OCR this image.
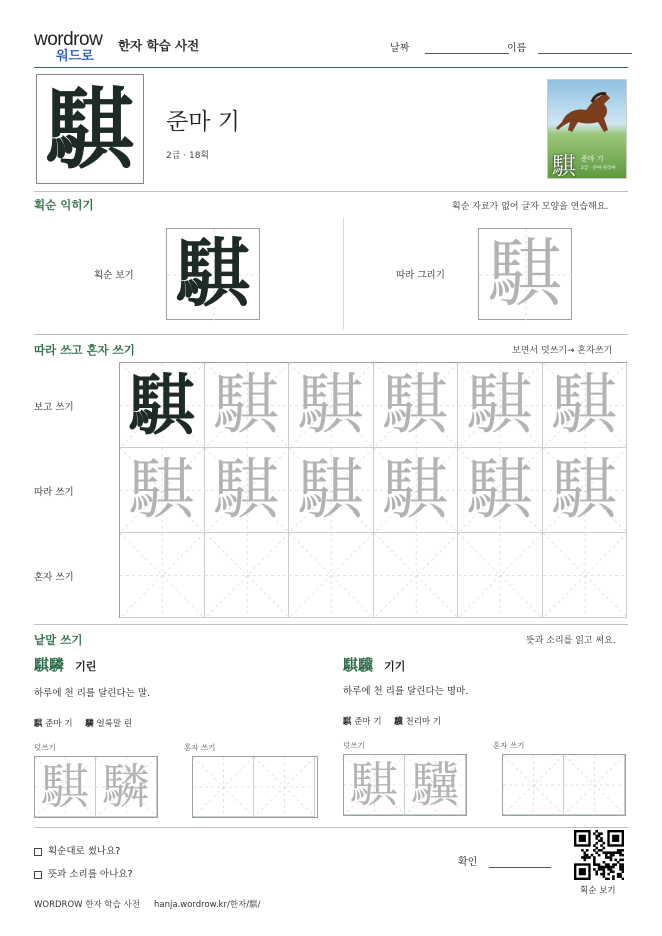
wordrow
워드로
한자 학습 사전	날짜	이름
騏	준마 기
2급 · 18획	騏 준마 기
2급 · 준마·천리마
획순 익히기	획순 자료가 없어 글자 모양을 연습해요.
획순 보기 騏	따라 그리기 騏
따라 쓰고 혼자 쓰기	보면서 덧쓰기→ 혼자쓰기
보고 쓰기
따라 쓰기
혼자 쓰기
騏 騏 騏 騏 騏 騏
騏 騏 騏 騏 騏 騏
낱말 쓰기	뜻과 소리를 읽고 써요.
騏驎 기린
하루에 천 리를 달린다는 말.
騏 준마 기 驎 얼룩말 린
덧쓰기	혼자 쓰기
騏 驎
騏驥 기기
하루에 천 리를 달린다는 명마.
騏 준마 기 驥 천리마 기
덧쓰기	혼자 쓰기
騏 驥
획순대로 썼나요?
뜻과 소리를 아나요?
확인
획순 보기
WORDROW 한자 학습 사전 hanja.wordrow.kr/한자/騏/
